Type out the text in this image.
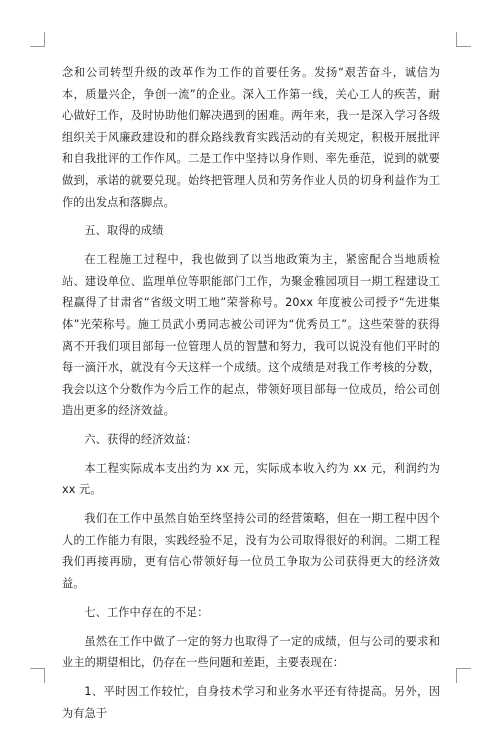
念和公司转型升级的改革作为工作的首要任务。发扬“艰苦奋斗，诚信为本，质量兴企，争创一流”的企业。深入工作第一线，关心工人的疾苦，耐心做好工作，及时协助他们解决遇到的困难。两年来，我一是深入学习各级组织关于风廉政建设和的群众路线教育实践活动的有关规定，积极开展批评和自我批评的工作作风。二是工作中坚持以身作则、率先垂范，说到的就要做到，承诺的就要兑现。始终把管理人员和劳务作业人员的切身利益作为工作的出发点和落脚点。

五、取得的成绩

在工程施工过程中，我也做到了以当地政策为主，紧密配合当地质检站、建设单位、监理单位等职能部门工作，为聚金雅园项目一期工程建设工程赢得了甘肃省“省级文明工地”荣誉称号。20xx 年度被公司授予“先进集体”光荣称号。施工员武小勇同志被公司评为“优秀员工”。这些荣誉的获得离不开我们项目部每一位管理人员的智慧和努力，我可以说没有他们平时的每一滴汗水，就没有今天这样一个成绩。这个成绩是对我工作考核的分数，我会以这个分数作为今后工作的起点，带领好项目部每一位成员，给公司创造出更多的经济效益。

六、获得的经济效益：

本工程实际成本支出约为 xx 元，实际成本收入约为 xx 元，利润约为 xx 元。

我们在工作中虽然自始至终坚持公司的经营策略，但在一期工程中因个人的工作能力有限，实践经验不足，没有为公司取得很好的利润。二期工程我们再接再励，更有信心带领好每一位员工争取为公司获得更大的经济效益。

七、工作中存在的不足：

虽然在工作中做了一定的努力也取得了一定的成绩，但与公司的要求和业主的期望相比，仍存在一些问题和差距，主要表现在：

1、平时因工作较忙，自身技术学习和业务水平还有待提高。另外，因为有急于
